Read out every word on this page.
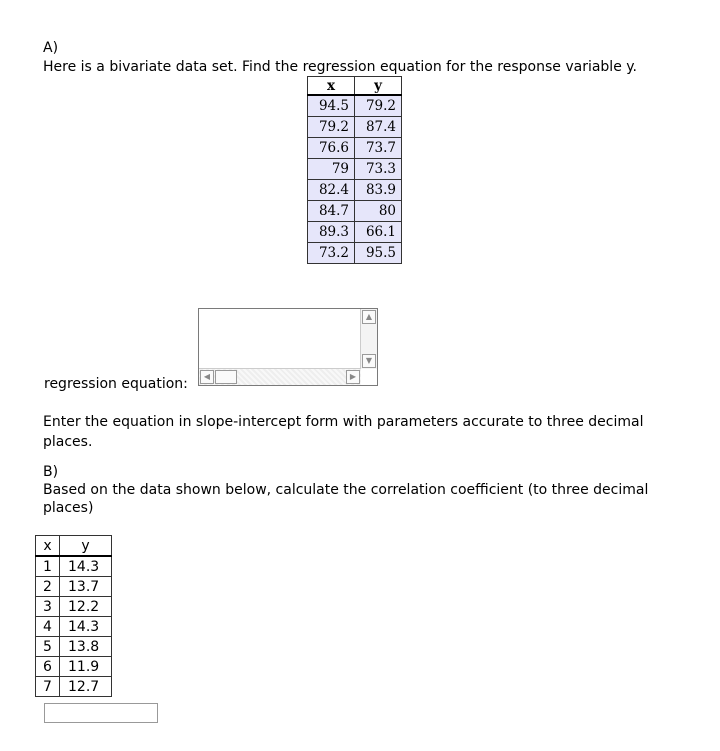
A)
Here is a bivariate data set. Find the regression equation for the response variable y.
x	y
94.5	79.2
79.2	87.4
76.6	73.7
79	73.3
82.4	83.9
84.7	80
89.3	66.1
73.2	95.5
▲
▼
◀	▶
regression equation:
Enter the equation in slope-intercept form with parameters accurate to three decimal
places.
B)
Based on the data shown below, calculate the correlation coefficient (to three decimal
places)
x	y
1	14.3
2	13.7
3	12.2
4	14.3
5	13.8
6	11.9
7	12.7
